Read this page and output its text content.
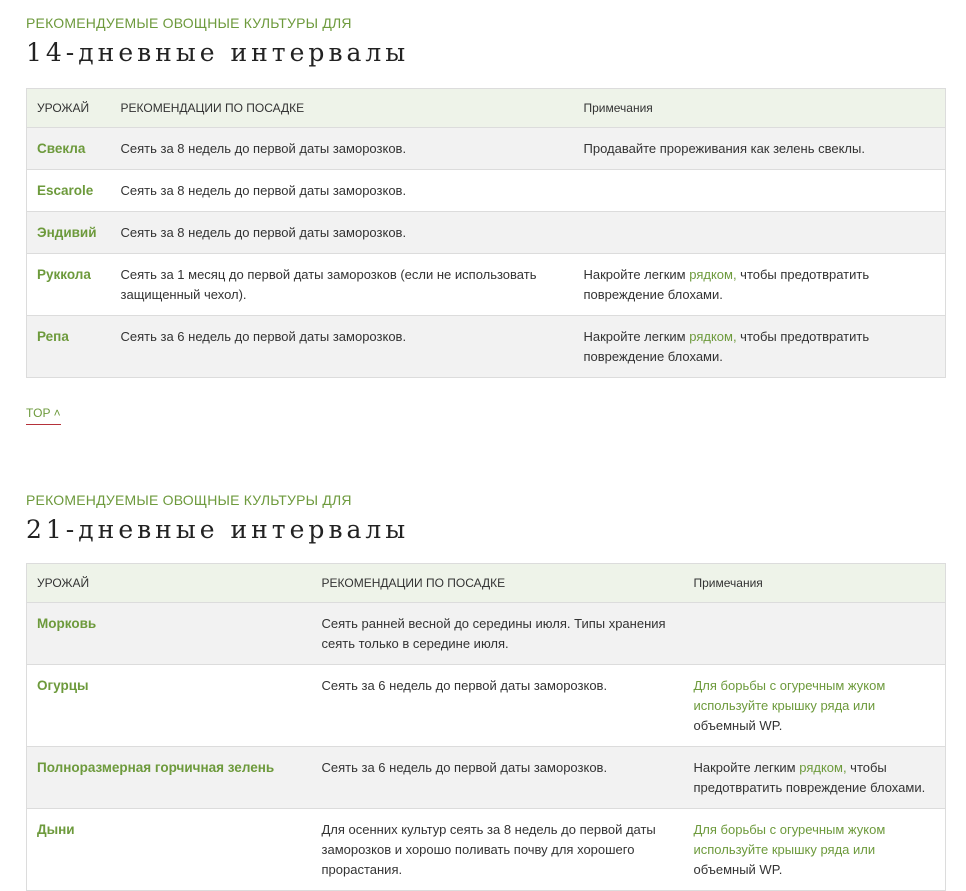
РЕКОМЕНДУЕМЫЕ ОВОЩНЫЕ КУЛЬТУРЫ ДЛЯ

14-дневные интервалы
УРОЖАЙ	РЕКОМЕНДАЦИИ ПО ПОСАДКЕ	Примечания
Свекла	Сеять за 8 недель до первой даты заморозков.	Продавайте прореживания как зелень свеклы.
Escarole	Сеять за 8 недель до первой даты заморозков.	
Эндивий	Сеять за 8 недель до первой даты заморозков.	
Руккола	Сеять за 1 месяц до первой даты заморозков (если не использовать защищенный чехол).	Накройте легким рядком, чтобы предотвратить повреждение блохами.
Репа	Сеять за 6 недель до первой даты заморозков.	Накройте легким рядком, чтобы предотвратить повреждение блохами.
TOP ˄

РЕКОМЕНДУЕМЫЕ ОВОЩНЫЕ КУЛЬТУРЫ ДЛЯ

21-дневные интервалы
УРОЖАЙ	РЕКОМЕНДАЦИИ ПО ПОСАДКЕ	Примечания
Морковь	Сеять ранней весной до середины июля. Типы хранения сеять только в середине июля.	
Огурцы	Сеять за 6 недель до первой даты заморозков.	Для борьбы с огуречным жуком используйте крышку ряда или объемный WP.
Полноразмерная горчичная зелень	Сеять за 6 недель до первой даты заморозков.	Накройте легким рядком, чтобы предотвратить повреждение блохами.
Дыни	Для осенних культур сеять за 8 недель до первой даты заморозков и хорошо поливать почву для хорошего прорастания.	Для борьбы с огуречным жуком используйте крышку ряда или объемный WP.
